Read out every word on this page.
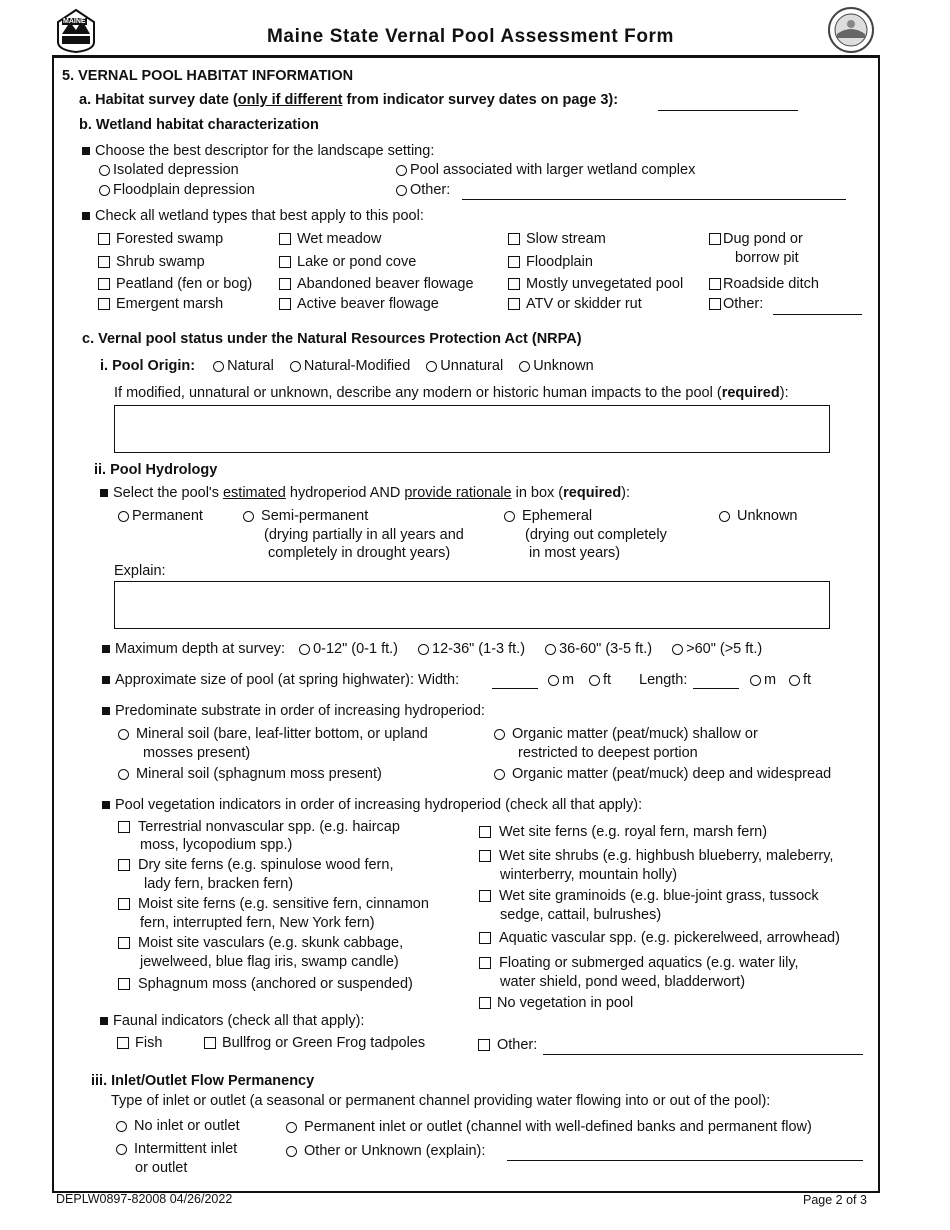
MAINE
Maine State Vernal Pool Assessment Form
5. VERNAL POOL HABITAT INFORMATION
a. Habitat survey date (only if different from indicator survey dates on page 3):
b. Wetland habitat characterization
Choose the best descriptor for the landscape setting:
Isolated depression	Pool associated with larger wetland complex
Floodplain depression	Other:
Check all wetland types that best apply to this pool:
Forested swamp	Wet meadow	Slow stream	Dug pond or
borrow pit
Shrub swamp	Lake or pond cove	Floodplain
Peatland (fen or bog)	Abandoned beaver flowage	Mostly unvegetated pool	Roadside ditch
Emergent marsh	Active beaver flowage	ATV or skidder rut	Other:
c. Vernal pool status under the Natural Resources Protection Act (NRPA)
i. Pool Origin: Natural Natural-Modified Unnatural Unknown
If modified, unnatural or unknown, describe any modern or historic human impacts to the pool (required):
ii. Pool Hydrology
Select the pool's estimated hydroperiod AND provide rationale in box (required):
Permanent	Semi-permanent
(drying partially in all years and
completely in drought years)
Ephemeral
(drying out completely
in most years)
Unknown
Explain:
Maximum depth at survey: 0-12" (0-1 ft.) 12-36" (1-3 ft.) 36-60" (3-5 ft.) >60" (>5 ft.)
Approximate size of pool (at spring highwater): Width:	m	ft Length:	m	ft
Predominate substrate in order of increasing hydroperiod:
Mineral soil (bare, leaf-litter bottom, or upland
mosses present)
Mineral soil (sphagnum moss present)
Organic matter (peat/muck) shallow or
restricted to deepest portion
Organic matter (peat/muck) deep and widespread
Pool vegetation indicators in order of increasing hydroperiod (check all that apply):
Terrestrial nonvascular spp. (e.g. haircap
moss, lycopodium spp.)
Dry site ferns (e.g. spinulose wood fern,
lady fern, bracken fern)
Moist site ferns (e.g. sensitive fern, cinnamon
fern, interrupted fern, New York fern)
Moist site vasculars (e.g. skunk cabbage,
jewelweed, blue flag iris, swamp candle)
Sphagnum moss (anchored or suspended)
Wet site ferns (e.g. royal fern, marsh fern)
Wet site shrubs (e.g. highbush blueberry, maleberry,
winterberry, mountain holly)
Wet site graminoids (e.g. blue-joint grass, tussock
sedge, cattail, bulrushes)
Aquatic vascular spp. (e.g. pickerelweed, arrowhead)
Floating or submerged aquatics (e.g. water lily,
water shield, pond weed, bladderwort)
No vegetation in pool
Faunal indicators (check all that apply):
Fish	Bullfrog or Green Frog tadpoles	Other:
iii. Inlet/Outlet Flow Permanency
Type of inlet or outlet (a seasonal or permanent channel providing water flowing into or out of the pool):
No inlet or outlet	Permanent inlet or outlet (channel with well-defined banks and permanent flow)
Intermittent inlet
or outlet
Other or Unknown (explain):
DEPLW0897-82008 04/26/2022	Page 2 of 3
